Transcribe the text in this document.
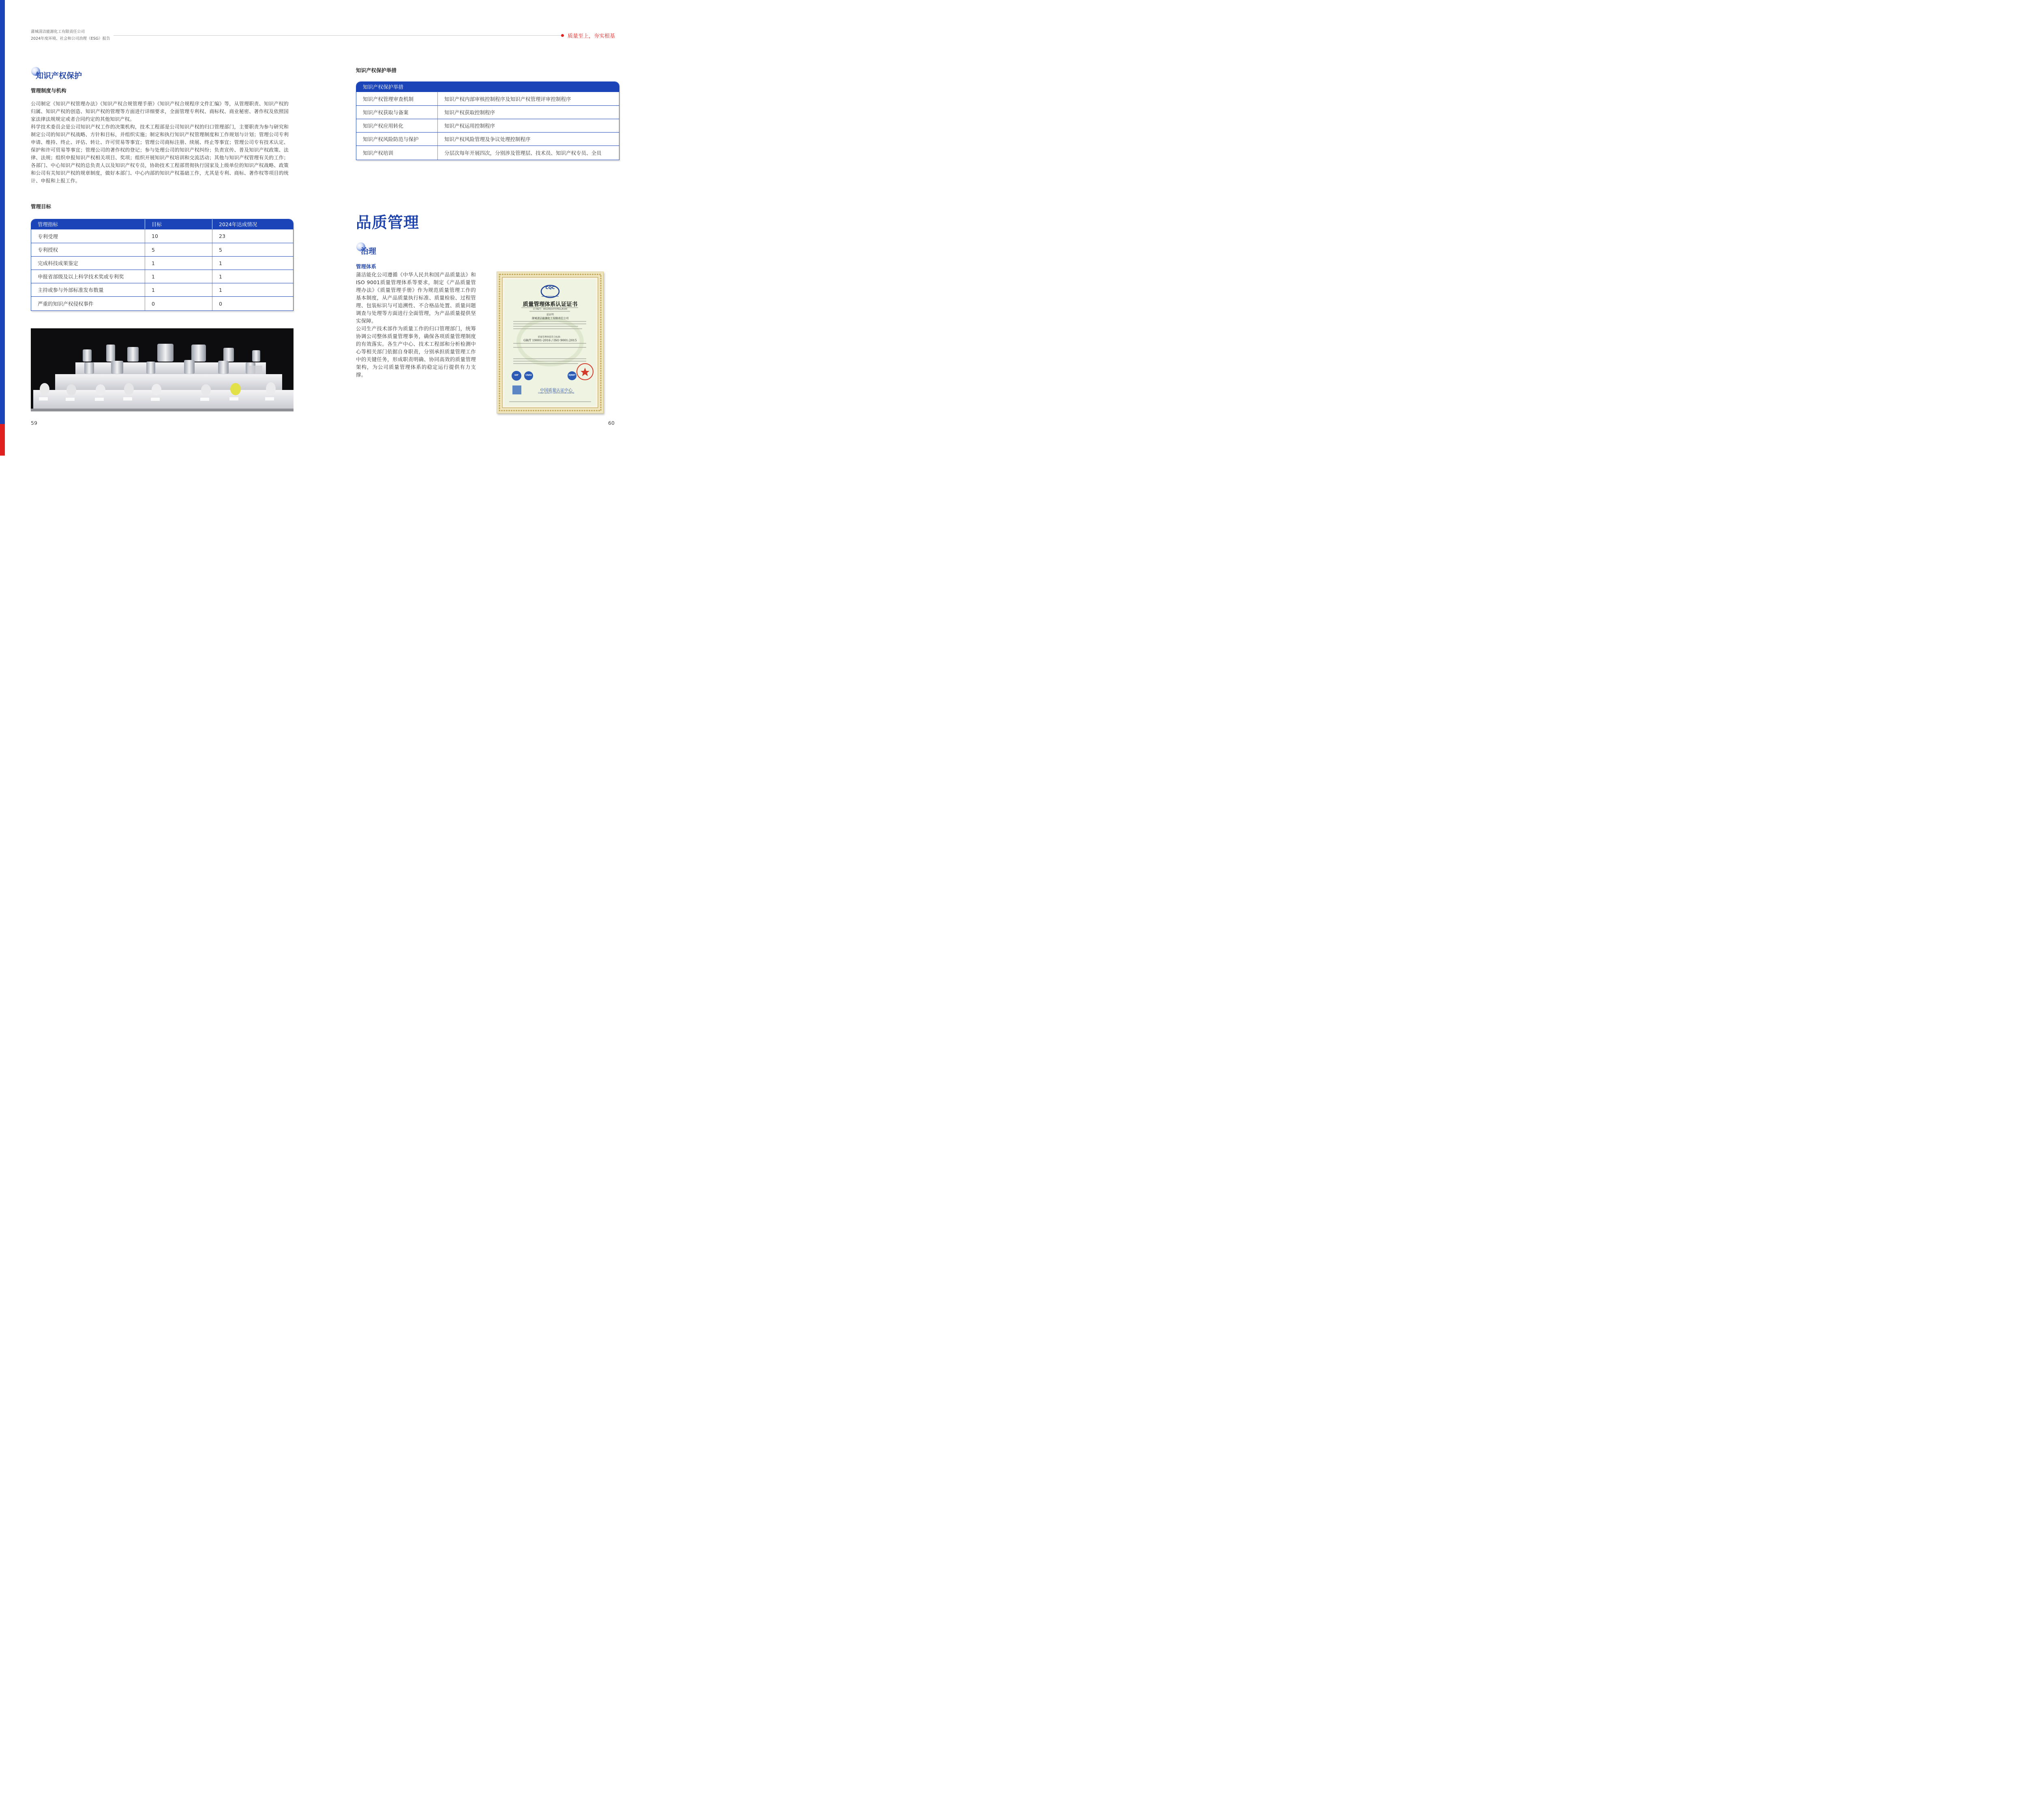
蒲城清洁能源化工有限责任公司
2024年度环境、社会和公司治理（ESG）报告	质量至上，夯实根基
知识产权保护
管理制度与机构

公司制定《知识产权管理办法》《知识产权合规管理手册》《知识产权合规程序文件汇编》等，从管理职责、知识产权的归属、知识产权的创造、知识产权的管理等方面进行详细要求，全面管理专利权、商标权、商业秘密、著作权及依照国家法律法规规定或者合同约定的其他知识产权。

科学技术委员会是公司知识产权工作的决策机构，技术工程部是公司知识产权的归口管理部门，主要职责为参与研究和制定公司的知识产权战略、方针和目标，并组织实施；制定和执行知识产权管理制度和工作规划与计划；管理公司专利申请、维持、终止、评估、转让、许可贸易等事宜；管理公司商标注册、续展、终止等事宜；管理公司专有技术认定、保护和许可贸易等事宜；管理公司的著作权的登记；参与处理公司的知识产权纠纷；负责宣传、普及知识产权政策、法律、法规；组织申报知识产权相关项目、奖项；组织开展知识产权培训和交流活动；其他与知识产权管理有关的工作；各部门、中心知识产权的总负责人以及知识产权专员，协助技术工程部贯彻执行国家及上级单位的知识产权战略、政策和公司有关知识产权的规章制度，做好本部门、中心内部的知识产权基础工作，尤其是专利、商标、著作权等项目的统计、申报和上报工作。

管理目标
管理指标	目标	2024年达成情况
专利受理	10	23
专利授权	5	5
完成科技成果鉴定	1	1
申报省部级及以上科学技术奖或专利奖	1	1
主持或参与外部标准发布数量	1	1
严重的知识产权侵权事件	0	0
59
知识产权保护举措
知识产权保护举措	
知识产权管理审查机制	知识产权内部审核控制程序及知识产权管理评审控制程序
知识产权获取与备案	知识产权获取控制程序
知识产权应用转化	知识产权运用控制程序
知识产权风险防范与保护	知识产权风险管理及争议处理控制程序
知识产权培训	分层次每年开展四次，分别涉及管理层、技术员、知识产权专员、全员
品质管理
治理
管理体系

蒲洁能化公司遵循《中华人民共和国产品质量法》和ISO 9001质量管理体系等要求，制定《产品质量管理办法》《质量管理手册》作为规范质量管理工作的基本制度，从产品质量执行标准、质量检验、过程管理、包装标识与可追溯性、不合格品处置、质量问题调查与处理等方面进行全面管理，为产品质量提供坚实保障。

公司生产技术部作为质量工作的归口管理部门，统筹协调公司整体质量管理事务，确保各项质量管理制度的有效落实。各生产中心、技术工程部和分析检测中心等相关部门依据自身职责，分别承担质量管理工作中的关键任务，形成职责明确、协同高效的质量管理架构，为公司质量管理体系的稳定运行提供有力支撑。

CQC
质量管理体系认证证书
证书编号：00124Q10737R1L/6100
兹证明
蒲城清洁能源化工有限责任公司
质量管理体系符合标准：
GB/T 19001-2016 / ISO 9001:2015
IAF	CNAS	IQNET
中国质量认证中心
CHINA QUALITY CERTIFICATION CENTRE
60
